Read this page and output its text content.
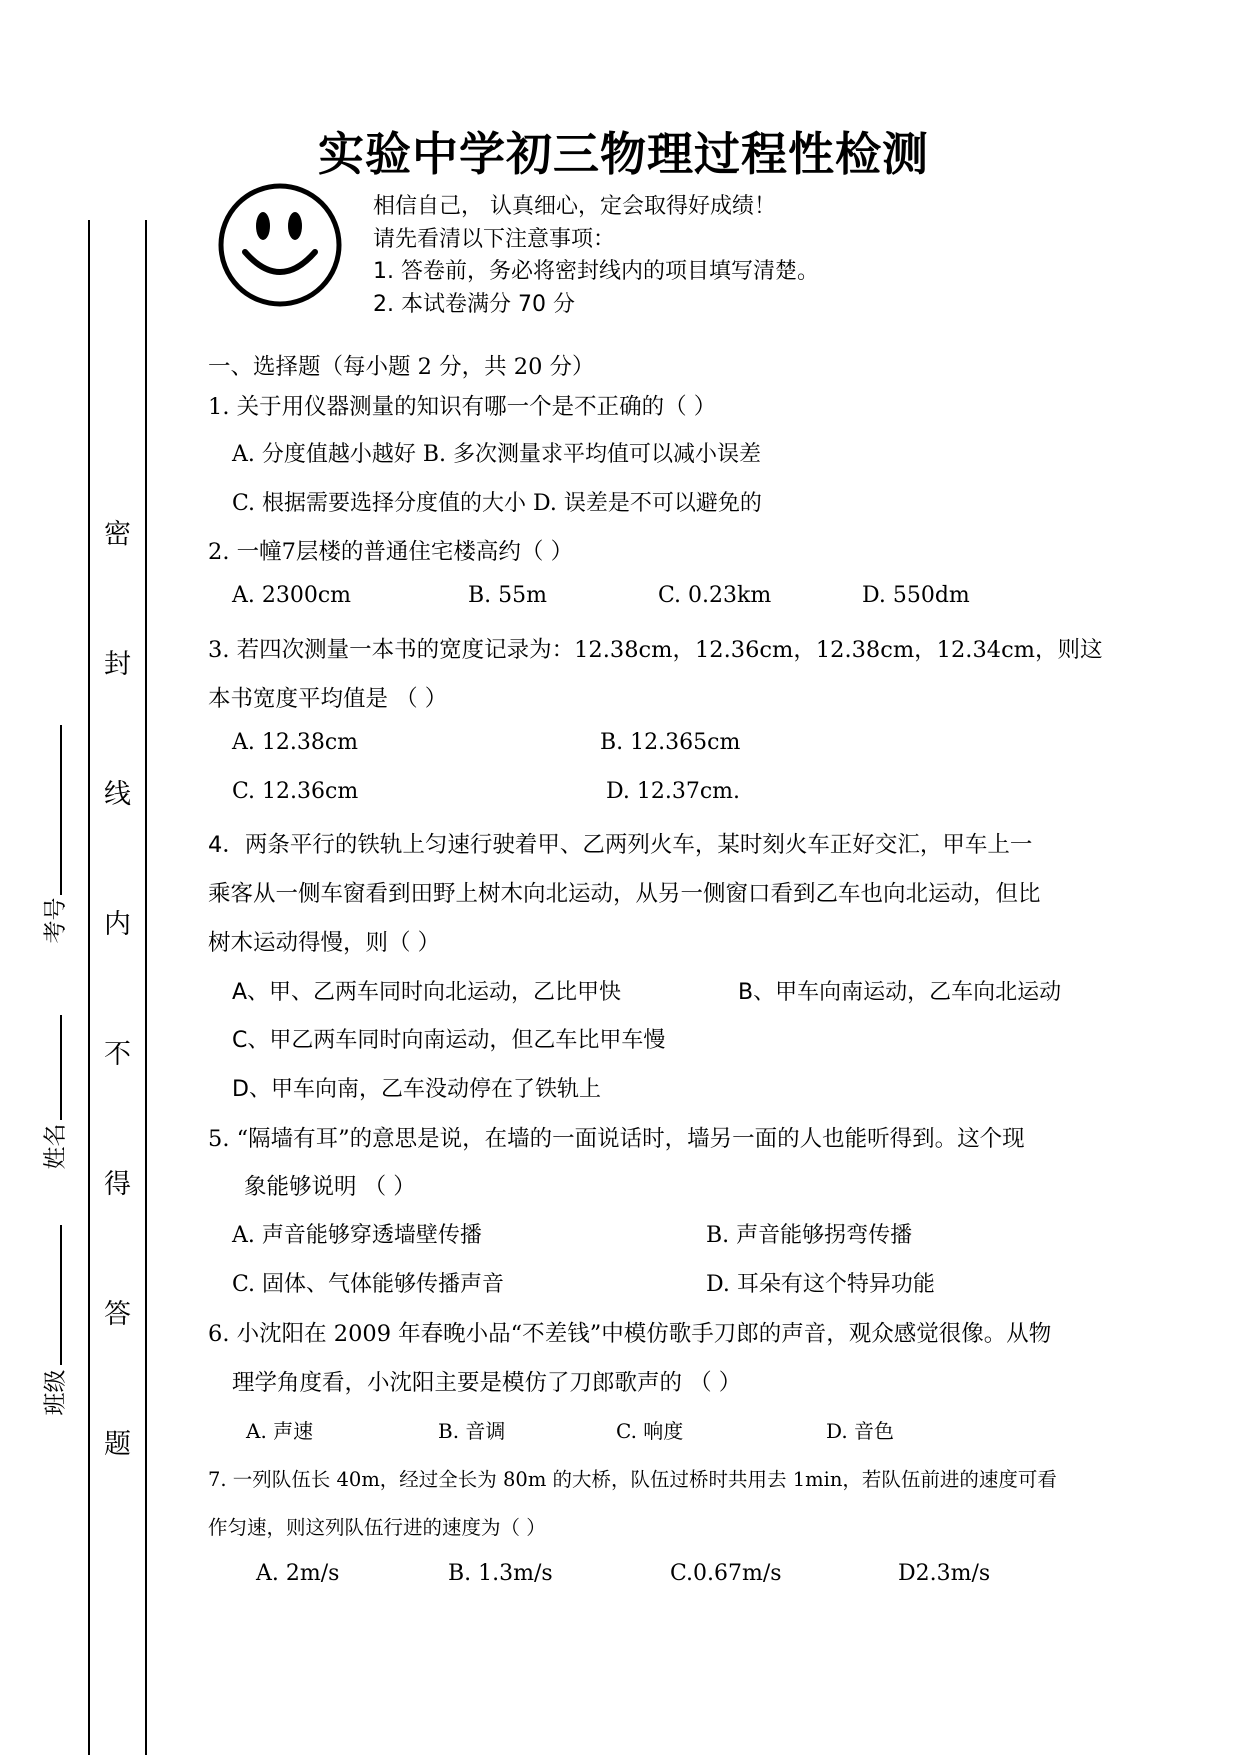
密
封
线
内
不
得
答
题
考号
姓名
班级
实验中学初三物理过程性检测
相信自己， 认真细心，定会取得好成绩！
请先看清以下注意事项：
1. 答卷前，务必将密封线内的项目填写清楚。
2. 本试卷满分 70 分
一、选择题（每小题 2 分，共 20 分）
1. 关于用仪器测量的知识有哪一个是不正确的（ ）
A. 分度值越小越好 B. 多次测量求平均值可以减小误差
C. 根据需要选择分度值的大小 D. 误差是不可以避免的
2. 一幢7层楼的普通住宅楼高约（ ）
A. 2300cm	B. 55m	C. 0.23km	D. 550dm
3. 若四次测量一本书的宽度记录为：12.38cm，12.36cm，12.38cm，12.34cm，则这
本书宽度平均值是 （ ）
A. 12.38cm	B. 12.365cm
C. 12.36cm	D. 12.37cm.
4．两条平行的铁轨上匀速行驶着甲、乙两列火车，某时刻火车正好交汇，甲车上一
乘客从一侧车窗看到田野上树木向北运动，从另一侧窗口看到乙车也向北运动，但比
树木运动得慢，则（ ）
A、甲、乙两车同时向北运动，乙比甲快	B、甲车向南运动，乙车向北运动
C、甲乙两车同时向南运动，但乙车比甲车慢
D、甲车向南，乙车没动停在了铁轨上
5. “隔墙有耳”的意思是说，在墙的一面说话时，墙另一面的人也能听得到。这个现
象能够说明 （ ）
A. 声音能够穿透墙壁传播	B. 声音能够拐弯传播
C. 固体、气体能够传播声音	D. 耳朵有这个特异功能
6. 小沈阳在 2009 年春晚小品“不差钱”中模仿歌手刀郎的声音，观众感觉很像。从物
理学角度看，小沈阳主要是模仿了刀郎歌声的 （ ）
A. 声速	B. 音调	C. 响度	D. 音色
7. 一列队伍长 40m，经过全长为 80m 的大桥，队伍过桥时共用去 1min，若队伍前进的速度可看
作匀速，则这列队伍行进的速度为（ ）
A. 2m/s	B. 1.3m/s	C.0.67m/s	D2.3m/s
